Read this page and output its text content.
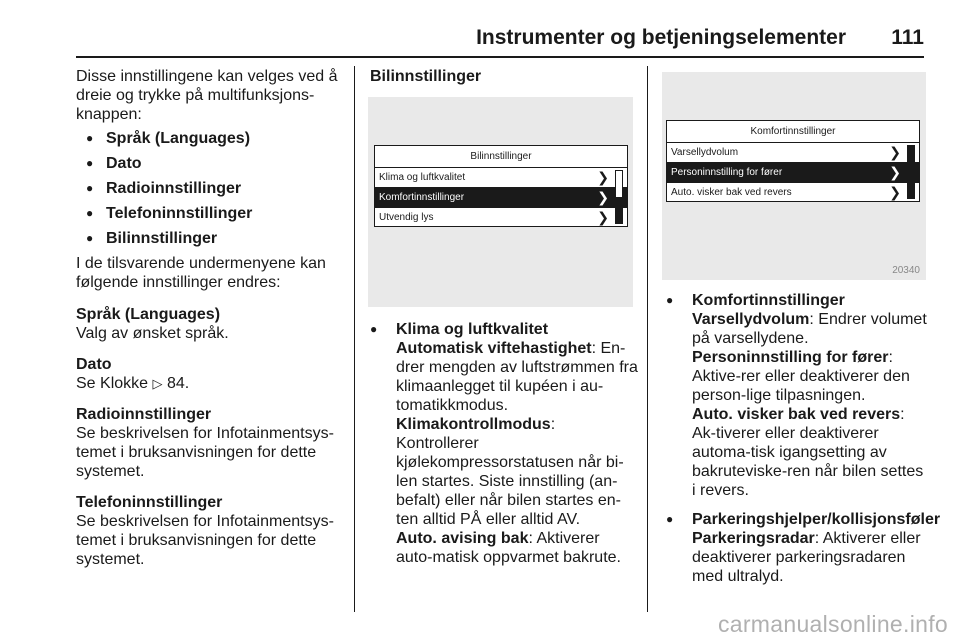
Instrumenter og betjeningselementer 111

Disse innstillingene kan velges ved å dreie og trykke på multifunksjons-knappen:

● Språk (Languages)
● Dato
● Radioinnstillinger
● Telefoninnstillinger
● Bilinnstillinger

I de tilsvarende undermenyene kan følgende innstillinger endres:

Språk (Languages)

Valg av ønsket språk.

Dato

Se Klokke ▷ 84.

Radioinnstillinger

Se beskrivelsen for Infotainmentsys-temet i bruksanvisningen for dette systemet.

Telefoninnstillinger

Se beskrivelsen for Infotainmentsys-temet i bruksanvisningen for dette systemet.

Bilinnstillinger

Bilinnstillinger
Klima og luftkvalitet	❯
Komfortinnstillinger	❯
Utvendig lys	❯
● Klima og luftkvalitet

Automatisk viftehastighet: En-drer mengden av luftstrømmen fra klimaanlegget til kupéen i au-tomatikkmodus.

Klimakontrollmodus: Kontrollerer kjølekompressorstatusen når bi-len startes. Siste innstilling (an-befalt) eller når bilen startes en-ten alltid PÅ eller alltid AV.

Auto. avising bak: Aktiverer auto-matisk oppvarmet bakrute.

Komfortinnstillinger
Varsellydvolum	❯
Personinnstilling for fører	❯
Auto. visker bak ved revers	❯
20340
● Komfortinnstillinger

Varsellydvolum: Endrer volumet på varsellydene.

Personinnstilling for fører: Aktive-rer eller deaktiverer den person-lige tilpasningen.

Auto. visker bak ved revers: Ak-tiverer eller deaktiverer automa-tisk igangsetting av bakruteviske-ren når bilen settes i revers.

● Parkeringshjelper/kollisjonsføler

Parkeringsradar: Aktiverer eller deaktiverer parkeringsradaren med ultralyd.

carmanualsonline.info
